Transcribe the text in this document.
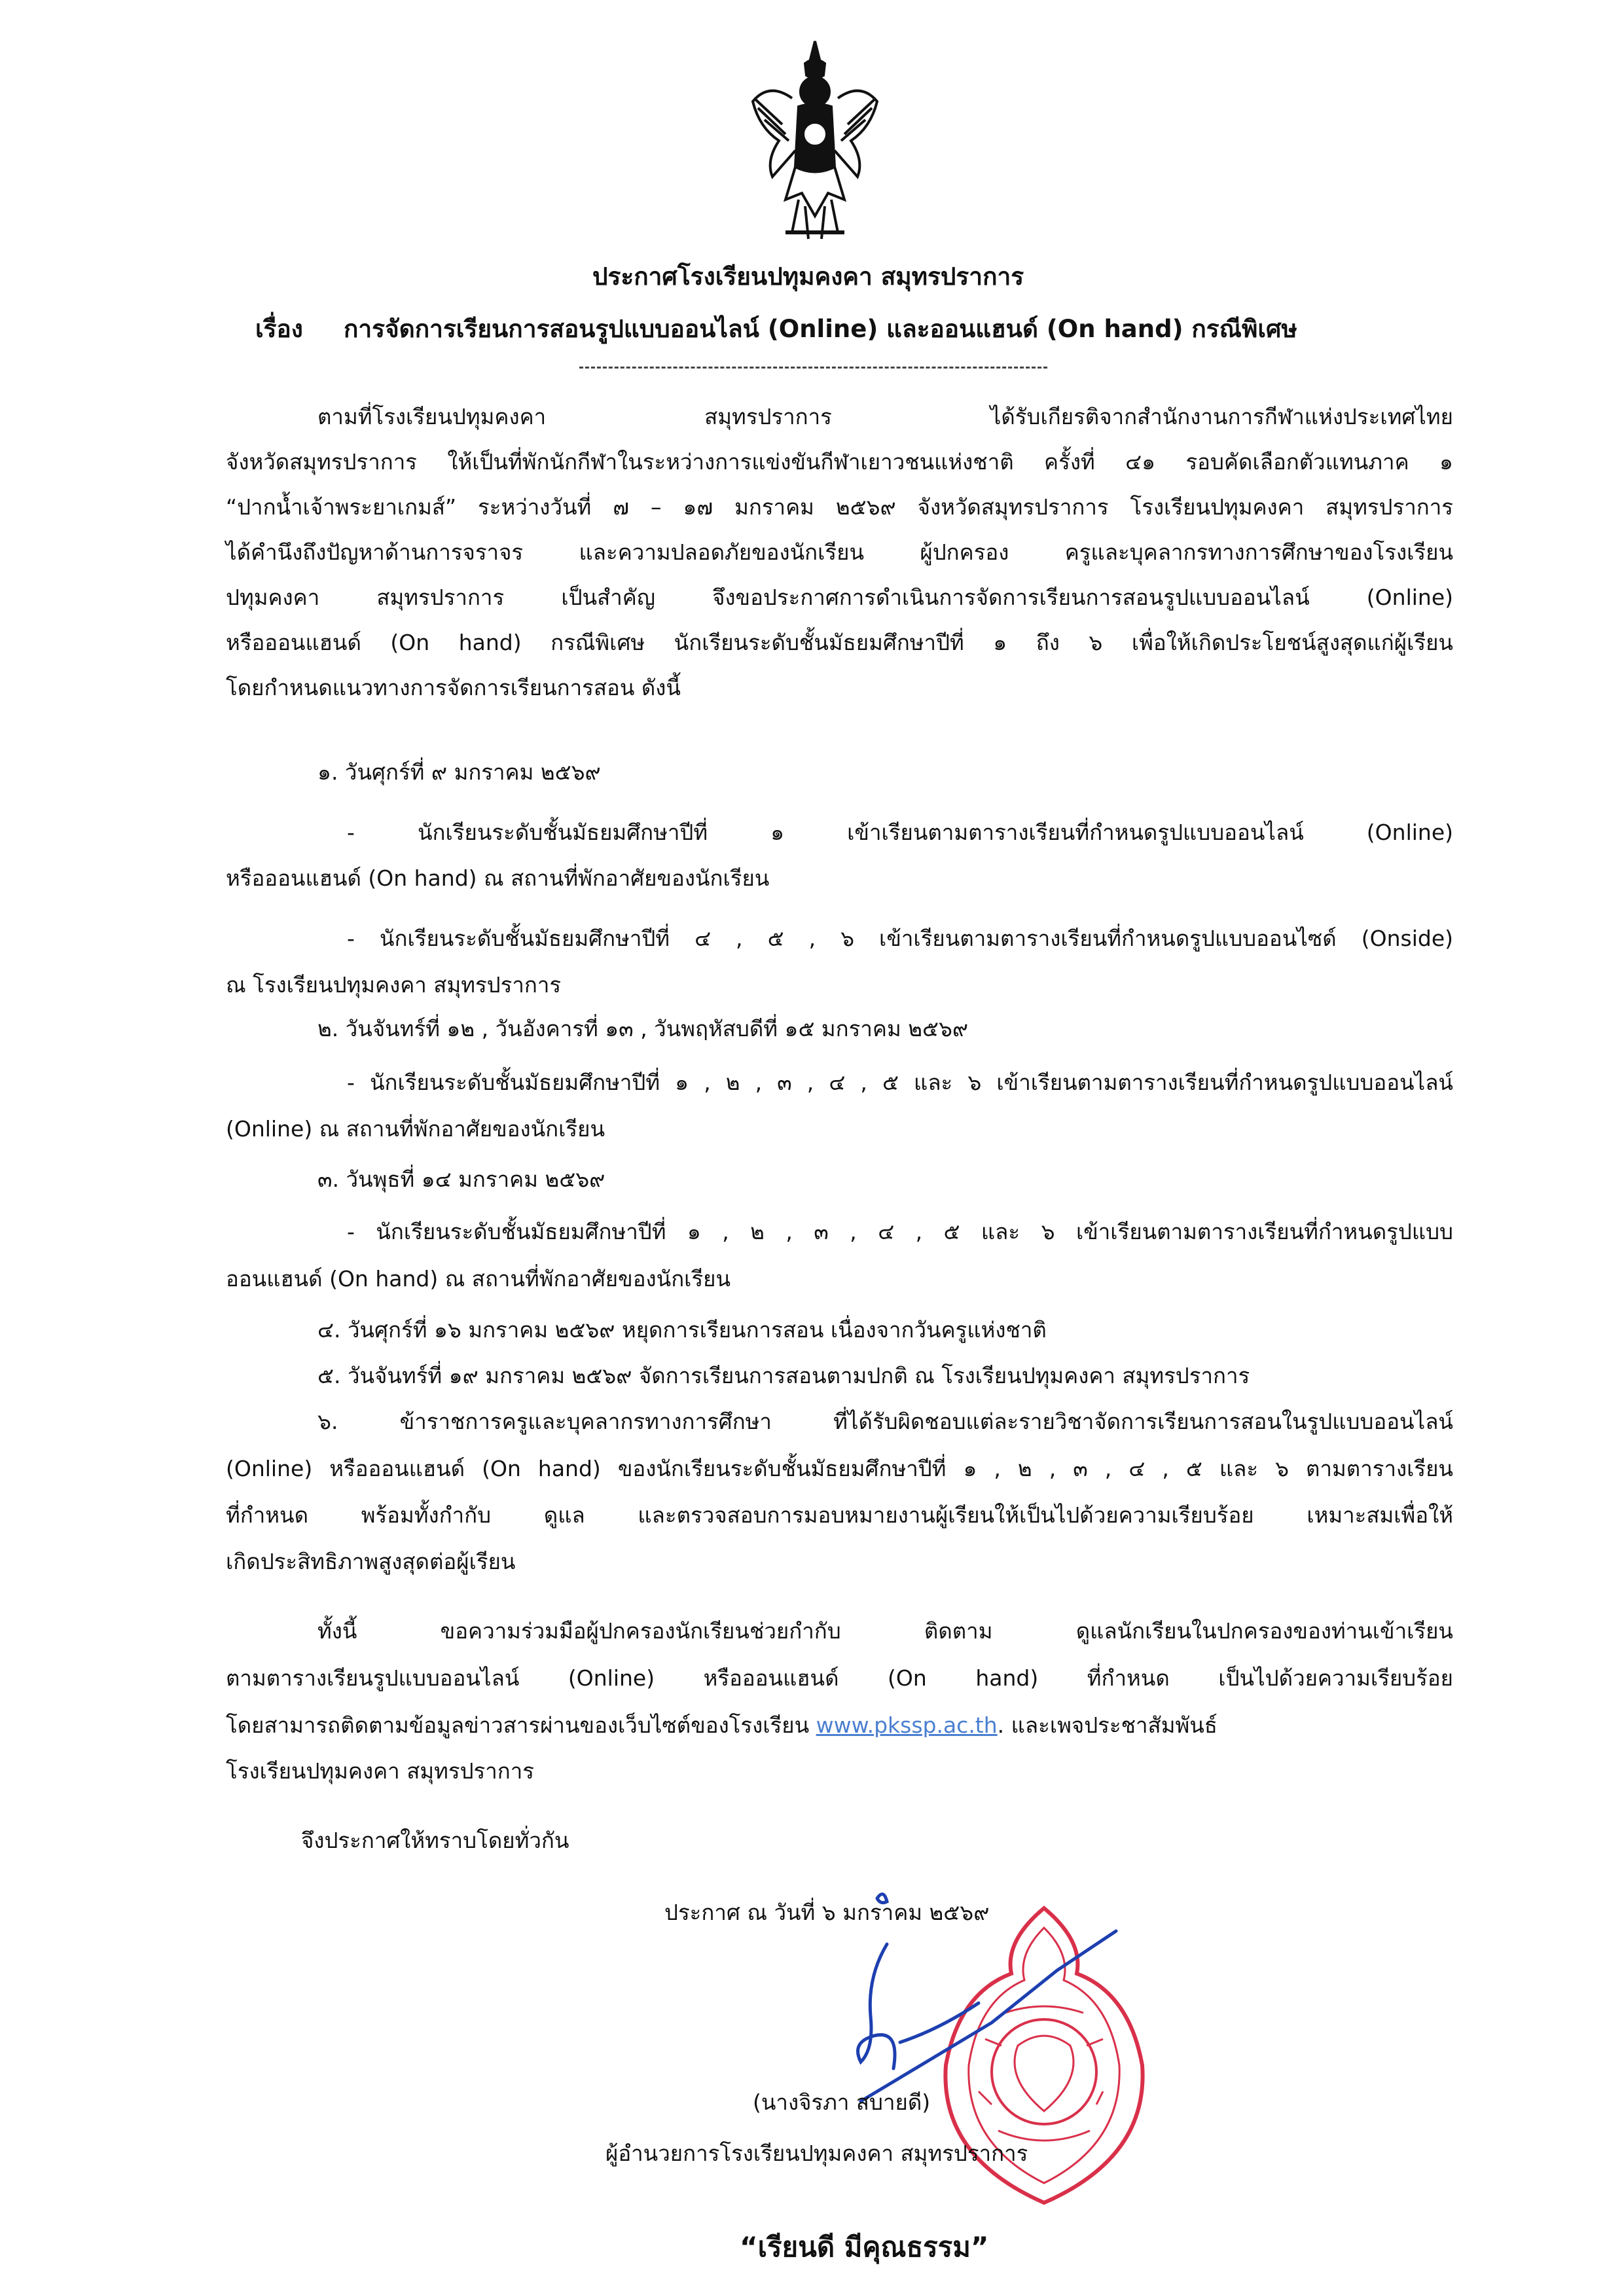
ประกาศโรงเรียนปทุมคงคา สมุทรปราการ
เรื่อง การจัดการเรียนการสอนรูปแบบออนไลน์ (Online) และออนแฮนด์ (On hand) กรณีพิเศษ
ตามที่โรงเรียนปทุมคงคา สมุทรปราการ ได้รับเกียรติจากสำนักงานการกีฬาแห่งประเทศไทย
จังหวัดสมุทรปราการ ให้เป็นที่พักนักกีฬาในระหว่างการแข่งขันกีฬาเยาวชนแห่งชาติ ครั้งที่ ๔๑ รอบคัดเลือกตัวแทนภาค ๑
“ปากน้ำเจ้าพระยาเกมส์” ระหว่างวันที่ ๗ – ๑๗ มกราคม ๒๕๖๙ จังหวัดสมุทรปราการ โรงเรียนปทุมคงคา สมุทรปราการ
ได้คำนึงถึงปัญหาด้านการจราจร และความปลอดภัยของนักเรียน ผู้ปกครอง ครูและบุคลากรทางการศึกษาของโรงเรียน
ปทุมคงคา สมุทรปราการ เป็นสำคัญ จึงขอประกาศการดำเนินการจัดการเรียนการสอนรูปแบบออนไลน์ (Online)
หรือออนแฮนด์ (On hand) กรณีพิเศษ นักเรียนระดับชั้นมัธยมศึกษาปีที่ ๑ ถึง ๖ เพื่อให้เกิดประโยชน์สูงสุดแก่ผู้เรียน
โดยกำหนดแนวทางการจัดการเรียนการสอน ดังนี้
๑. วันศุกร์ที่ ๙ มกราคม ๒๕๖๙
- นักเรียนระดับชั้นมัธยมศึกษาปีที่ ๑ เข้าเรียนตามตารางเรียนที่กำหนดรูปแบบออนไลน์ (Online)
หรือออนแฮนด์ (On hand) ณ สถานที่พักอาศัยของนักเรียน
- นักเรียนระดับชั้นมัธยมศึกษาปีที่ ๔ , ๕ , ๖ เข้าเรียนตามตารางเรียนที่กำหนดรูปแบบออนไซด์ (Onside)
ณ โรงเรียนปทุมคงคา สมุทรปราการ
๒. วันจันทร์ที่ ๑๒ , วันอังคารที่ ๑๓ , วันพฤหัสบดีที่ ๑๕ มกราคม ๒๕๖๙
- นักเรียนระดับชั้นมัธยมศึกษาปีที่ ๑ , ๒ , ๓ , ๔ , ๕ และ ๖ เข้าเรียนตามตารางเรียนที่กำหนดรูปแบบออนไลน์
(Online) ณ สถานที่พักอาศัยของนักเรียน
๓. วันพุธที่ ๑๔ มกราคม ๒๕๖๙
- นักเรียนระดับชั้นมัธยมศึกษาปีที่ ๑ , ๒ , ๓ , ๔ , ๕ และ ๖ เข้าเรียนตามตารางเรียนที่กำหนดรูปแบบ
ออนแฮนด์ (On hand) ณ สถานที่พักอาศัยของนักเรียน
๔. วันศุกร์ที่ ๑๖ มกราคม ๒๕๖๙ หยุดการเรียนการสอน เนื่องจากวันครูแห่งชาติ
๕. วันจันทร์ที่ ๑๙ มกราคม ๒๕๖๙ จัดการเรียนการสอนตามปกติ ณ โรงเรียนปทุมคงคา สมุทรปราการ
๖. ข้าราชการครูและบุคลากรทางการศึกษา ที่ได้รับผิดชอบแต่ละรายวิชาจัดการเรียนการสอนในรูปแบบออนไลน์
(Online) หรือออนแฮนด์ (On hand) ของนักเรียนระดับชั้นมัธยมศึกษาปีที่ ๑ , ๒ , ๓ , ๔ , ๕ และ ๖ ตามตารางเรียน
ที่กำหนด พร้อมทั้งกำกับ ดูแล และตรวจสอบการมอบหมายงานผู้เรียนให้เป็นไปด้วยความเรียบร้อย เหมาะสมเพื่อให้
เกิดประสิทธิภาพสูงสุดต่อผู้เรียน
ทั้งนี้ ขอความร่วมมือผู้ปกครองนักเรียนช่วยกำกับ ติดตาม ดูแลนักเรียนในปกครองของท่านเข้าเรียน
ตามตารางเรียนรูปแบบออนไลน์ (Online) หรือออนแฮนด์ (On hand) ที่กำหนด เป็นไปด้วยความเรียบร้อย
โดยสามารถติดตามข้อมูลข่าวสารผ่านของเว็บไซต์ของโรงเรียน www.pkssp.ac.th. และเพจประชาสัมพันธ์
โรงเรียนปทุมคงคา สมุทรปราการ
จึงประกาศให้ทราบโดยทั่วกัน
ประกาศ ณ วันที่ ๖ มกราคม ๒๕๖๙
(นางจิรภา สบายดี)
ผู้อำนวยการโรงเรียนปทุมคงคา สมุทรปราการ
“เรียนดี มีคุณธรรม”
